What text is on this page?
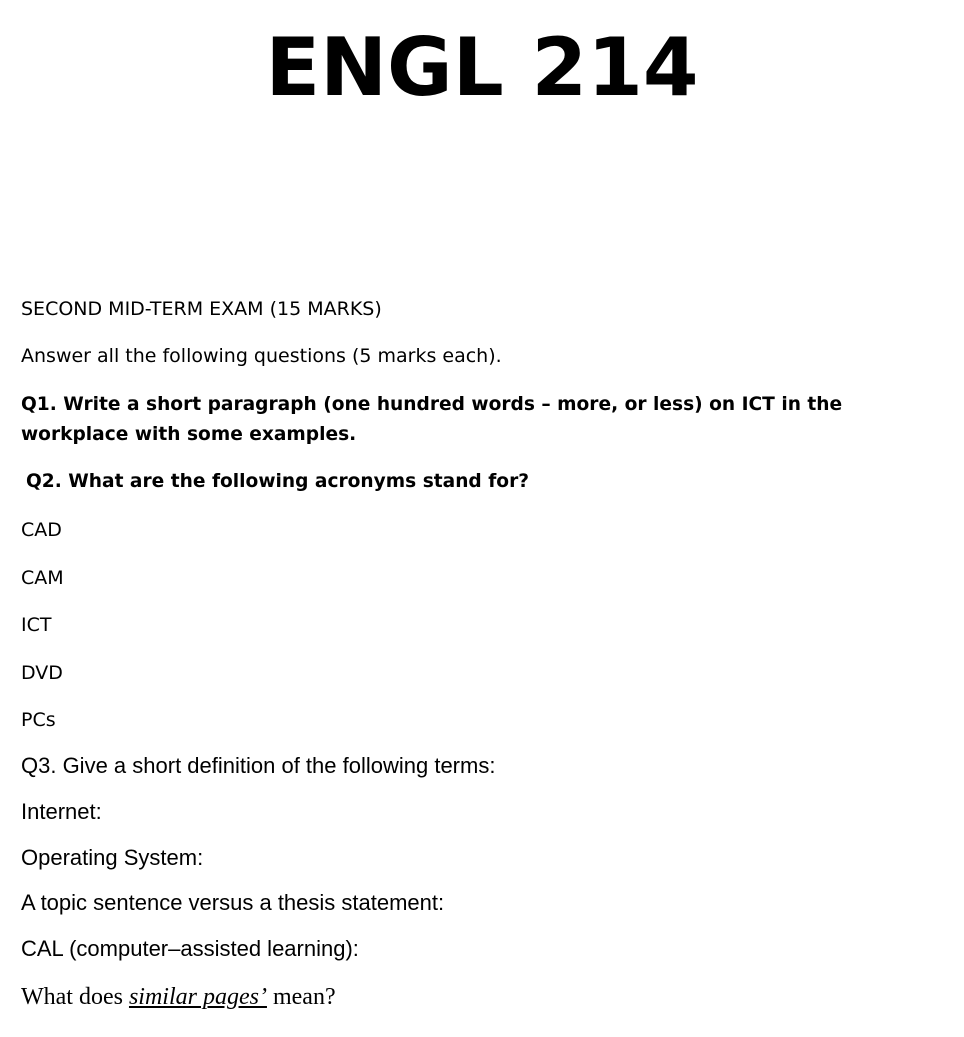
ENGL 214
SECOND MID-TERM EXAM (15 MARKS)
Answer all the following questions (5 marks each).
Q1. Write a short paragraph (one hundred words – more, or less) on ICT in the workplace with some examples.
Q2. What are the following acronyms stand for?
CAD
CAM
ICT
DVD
PCs
Q3. Give a short definition of the following terms:
Internet:
Operating System:
A topic sentence versus a thesis statement:
CAL (computer–assisted learning):
What does similar pages’ mean?
